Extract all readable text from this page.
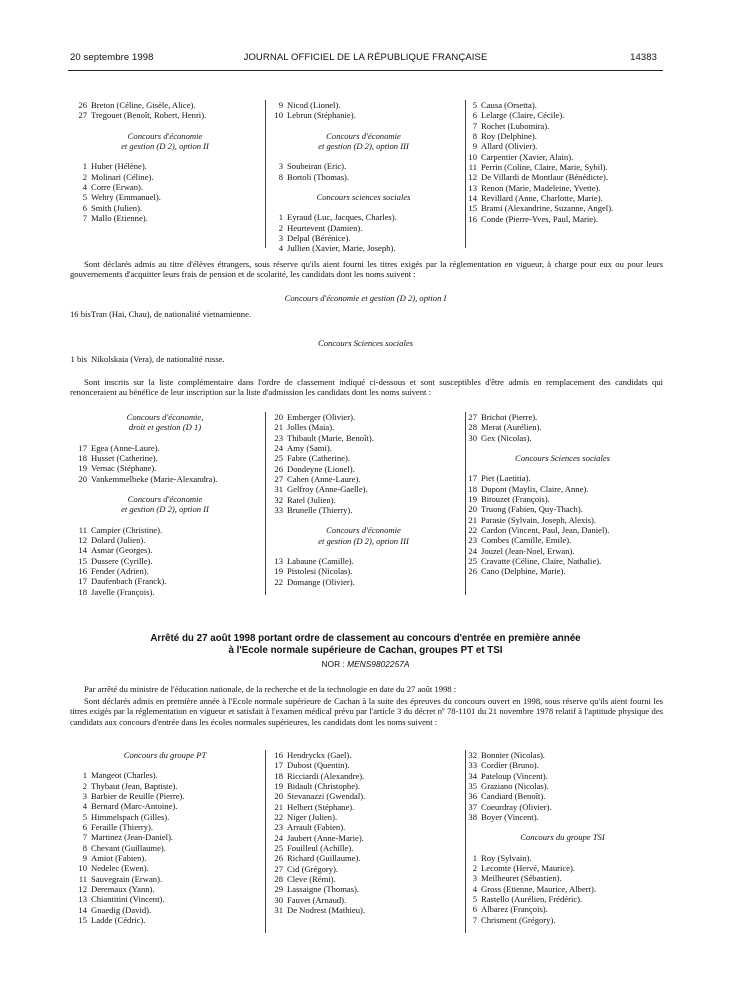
20 septembre 1998	JOURNAL OFFICIEL DE LA RÉPUBLIQUE FRANÇAISE	14383
26 Breton (Céline, Gisèle, Alice).
27 Tregouet (Benoît, Robert, Henri).
Concours d'économie
et gestion (D 2), option II
1 Huber (Hélène).
2 Molinari (Céline).
4 Corre (Erwan).
5 Wehry (Emmanuel).
6 Smith (Julien).
7 Mallo (Etienne).
9 Nicod (Lionel).
10 Lebrun (Stéphanie).
Concours d'économie
et gestion (D 2), option III
3 Soubeiran (Eric).
8 Bortoli (Thomas).
Concours sciences sociales
1 Eyraud (Luc, Jacques, Charles).
2 Heurtevent (Damien).
3 Delpal (Bérénice).
4 Jullien (Xavier, Marie, Joseph).
5 Causa (Orsetta).
6 Lelarge (Claire, Cécile).
7 Rochet (Lubomira).
8 Roy (Delphine).
9 Allard (Olivier).
10 Carpentier (Xavier, Alain).
11 Perrin (Coline, Claire, Marie, Sybil).
12 De Villardi de Montlaur (Bénédicte).
13 Renon (Marie, Madeleine, Yvette).
14 Revillard (Anne, Charlotte, Marie).
15 Brami (Alexandrine, Suzanne, Angel).
16 Conde (Pierre-Yves, Paul, Marie).
Sont déclarés admis au titre d'élèves étrangers, sous réserve qu'ils aient fourni les titres exigés par la réglementation en vigueur, à charge pour eux ou pour leurs gouvernements d'acquitter leurs frais de pension et de scolarité, les candidats dont les noms suivent :
Concours d'économie et gestion (D 2), option I
16 bisTran (Hai, Chau), de nationalité vietnamienne.
Concours Sciences sociales
1 bis Nikolskaia (Vera), de nationalité russe.
Sont inscrits sur la liste complémentaire dans l'ordre de classement indiqué ci-dessous et sont susceptibles d'être admis en remplacement des candidats qui renonceraient au bénéfice de leur inscription sur la liste d'admission les candidats dont les noms suivent :
Concours d'économie,
droit et gestion (D 1)
17 Egea (Anne-Laure).
18 Husset (Catherine).
19 Vernac (Stéphane).
20 Vankemmelbeke (Marie-Alexandra).
Concours d'économie
et gestion (D 2), option II
11 Campier (Christine).
12 Dolard (Julien).
14 Asmar (Georges).
15 Dussere (Cyrille).
16 Fender (Adrien).
17 Daufenbach (Franck).
18 Javelle (François).
20 Emberger (Olivier).
21 Jolles (Maia).
23 Thibault (Marie, Benoît).
24 Amy (Sami).
25 Fabre (Catherine).
26 Dondeyne (Lionel).
27 Cahen (Anne-Laure).
31 Gelfroy (Anne-Gaelle).
32 Ratel (Julien).
33 Brunelle (Thierry).
Concours d'économie
et gestion (D 2), option III
13 Labaune (Camille).
19 Pistolesi (Nicolas).
22 Domange (Olivier).
27 Brichot (Pierre).
28 Merat (Aurélien).
30 Gex (Nicolas).
Concours Sciences sociales
17 Piet (Laetitia).
18 Dupont (Maylis, Claire, Anne).
19 Bitouzet (François).
20 Truong (Fabien, Quy-Thach).
21 Parasie (Sylvain, Joseph, Alexis).
22 Cardon (Vincent, Paul, Jean, Daniel).
23 Combes (Camille, Emile).
24 Jouzel (Jean-Noel, Erwan).
25 Cravatte (Céline, Claire, Nathalie).
26 Cano (Delphine, Marie).
Arrêté du 27 août 1998 portant ordre de classement au concours d'entrée en première année
à l'Ecole normale supérieure de Cachan, groupes PT et TSI
NOR : MENS9802257A
Par arrêté du ministre de l'éducation nationale, de la recherche et de la technologie en date du 27 août 1998 :
Sont déclarés admis en première année à l'Ecole normale supérieure de Cachan à la suite des épreuves du concours ouvert en 1998, sous réserve qu'ils aient fourni les titres exigés par la réglementation en vigueur et satisfait à l'examen médical prévu par l'article 3 du décret nº 78-1101 du 21 novembre 1978 relatif à l'aptitude physique des candidats aux concours d'entrée dans les écoles normales supérieures, les candidats dont les noms suivent :
Concours du groupe PT
1 Mangeot (Charles).
2 Thybaut (Jean, Baptiste).
3 Barbier de Reuille (Pierre).
4 Bernard (Marc-Antoine).
5 Himmelspach (Gilles).
6 Feraille (Thierry).
7 Martinez (Jean-Daniel).
8 Chevant (Guillaume).
9 Amiot (Fabien).
10 Nedelec (Ewen).
11 Sauvegrain (Erwan).
12 Deremaux (Yann).
13 Chiantitini (Vincent).
14 Gnaedig (David).
15 Ladde (Cédric).
16 Hendryckx (Gael).
17 Dubost (Quentin).
18 Ricciardi (Alexandre).
19 Bidault (Christophe).
20 Stevanazzi (Gwendal).
21 Helbert (Stéphane).
22 Niger (Julien).
23 Arrault (Fabien).
24 Jaubert (Anne-Marie).
25 Fouilleul (Achille).
26 Richard (Guillaume).
27 Cid (Grégory).
28 Cleve (Rémi).
29 Lassaigne (Thomas).
30 Fauvet (Arnaud).
31 De Nodrest (Mathieu).
32 Bonnier (Nicolas).
33 Cordier (Bruno).
34 Pateloup (Vincent).
35 Graziano (Nicolas).
36 Candiard (Benoît).
37 Coeurdray (Olivier).
38 Boyer (Vincent).
Concours du groupe TSI
1 Roy (Sylvain).
2 Lecomte (Hervé, Maurice).
3 Meilheuret (Sébastien).
4 Gross (Etienne, Maurice, Albert).
5 Rastello (Aurélien, Frédéric).
6 Albarez (François).
7 Chrisment (Grégory).
